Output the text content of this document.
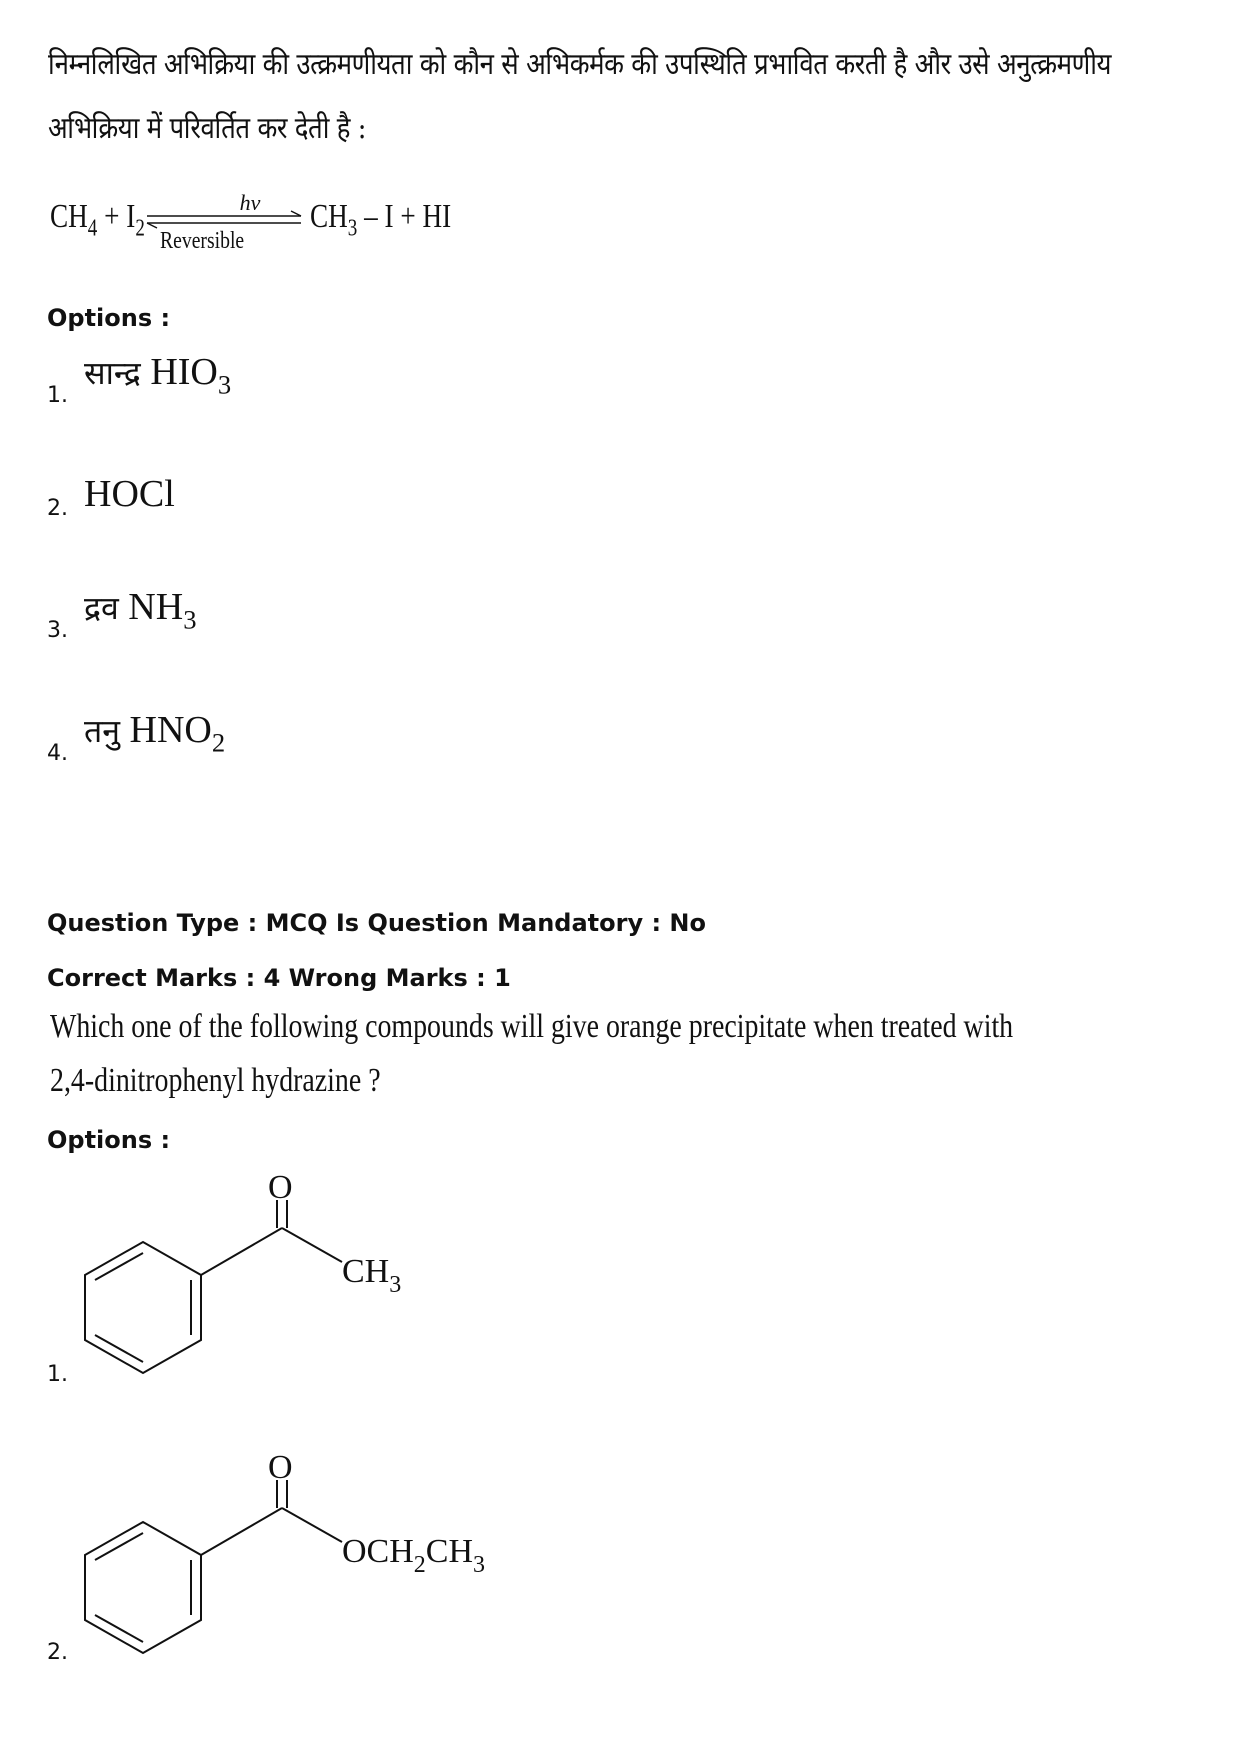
निम्नलिखित अभिक्रिया की उत्क्रमणीयता को कौन से अभिकर्मक की उपस्थिति प्रभावित करती है और उसे अनुत्क्रमणीय
अभिक्रिया में परिवर्तित कर देती है :
$CH_4 + I_2$
hν
Reversible
$CH_3$ – I + HI
Options :
1.
सान्द्र $HIO_3$
2. HOCl
3.
द्रव $NH_3$
4.
तनु $HNO_2$
Question Type : MCQ Is Question Mandatory : No
Correct Marks : 4 Wrong Marks : 1
Which one of the following compounds will give orange precipitate when treated with
2,4-dinitrophenyl hydrazine ?
Options :
1.
O
$CH_3$
2.
O
$OCH_2CH_3$
